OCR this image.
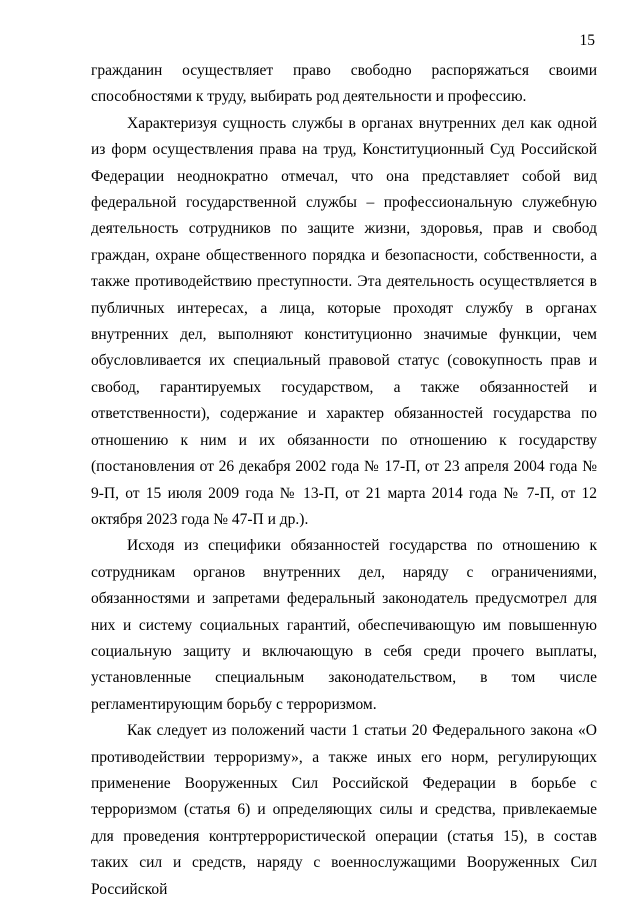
15

гражданин осуществляет право свободно распоряжаться своими способностями к труду, выбирать род деятельности и профессию.

Характеризуя сущность службы в органах внутренних дел как одной из форм осуществления права на труд, Конституционный Суд Российской Федерации неоднократно отмечал, что она представляет собой вид федеральной государственной службы – профессиональную служебную деятельность сотрудников по защите жизни, здоровья, прав и свобод граждан, охране общественного порядка и безопасности, собственности, а также противодействию преступности. Эта деятельность осуществляется в публичных интересах, а лица, которые проходят службу в органах внутренних дел, выполняют конституционно значимые функции, чем обусловливается их специальный правовой статус (совокупность прав и свобод, гарантируемых государством, а также обязанностей и ответственности), содержание и характер обязанностей государства по отношению к ним и их обязанности по отношению к государству (постановления от 26 декабря 2002 года № 17-П, от 23 апреля 2004 года № 9-П, от 15 июля 2009 года № 13-П, от 21 марта 2014 года № 7-П, от 12 октября 2023 года № 47-П и др.).

Исходя из специфики обязанностей государства по отношению к сотрудникам органов внутренних дел, наряду с ограничениями, обязанностями и запретами федеральный законодатель предусмотрел для них и систему социальных гарантий, обеспечивающую им повышенную социальную защиту и включающую в себя среди прочего выплаты, установленные специальным законодательством, в том числе регламентирующим борьбу с терроризмом.

Как следует из положений части 1 статьи 20 Федерального закона «О противодействии терроризму», а также иных его норм, регулирующих применение Вооруженных Сил Российской Федерации в борьбе с терроризмом (статья 6) и определяющих силы и средства, привлекаемые для проведения контртеррористической операции (статья 15), в состав таких сил и средств, наряду с военнослужащими Вооруженных Сил Российской
